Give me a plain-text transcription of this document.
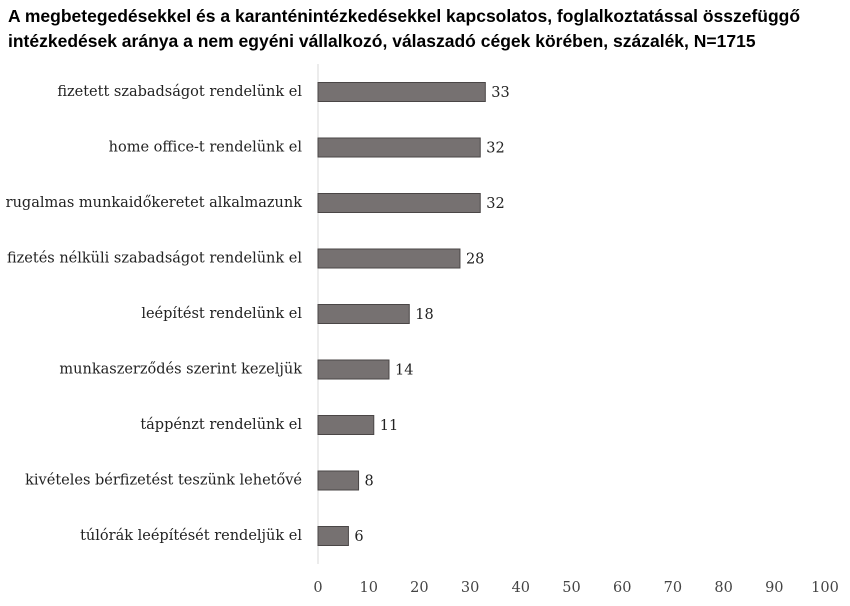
A megbetegedésekkel és a karanténintézkedésekkel kapcsolatos, foglalkoztatással összefüggő intézkedések aránya a nem egyéni vállalkozó, válaszadó cégek körében, százalék, N=1715
fizetett szabadságot rendelünk el
home office-t rendelünk el
rugalmas munkaidőkeretet alkalmazunk
fizetés nélküli szabadságot rendelünk el
leépítést rendelünk el
munkaszerződés szerint kezeljük
táppénzt rendelünk el
kivételes bérfizetést teszünk lehetővé
túlórák leépítését rendeljük el
33
32
32
28
18
14
11
8
6
0	10 20 30 40 50 60 70 80 90 100
